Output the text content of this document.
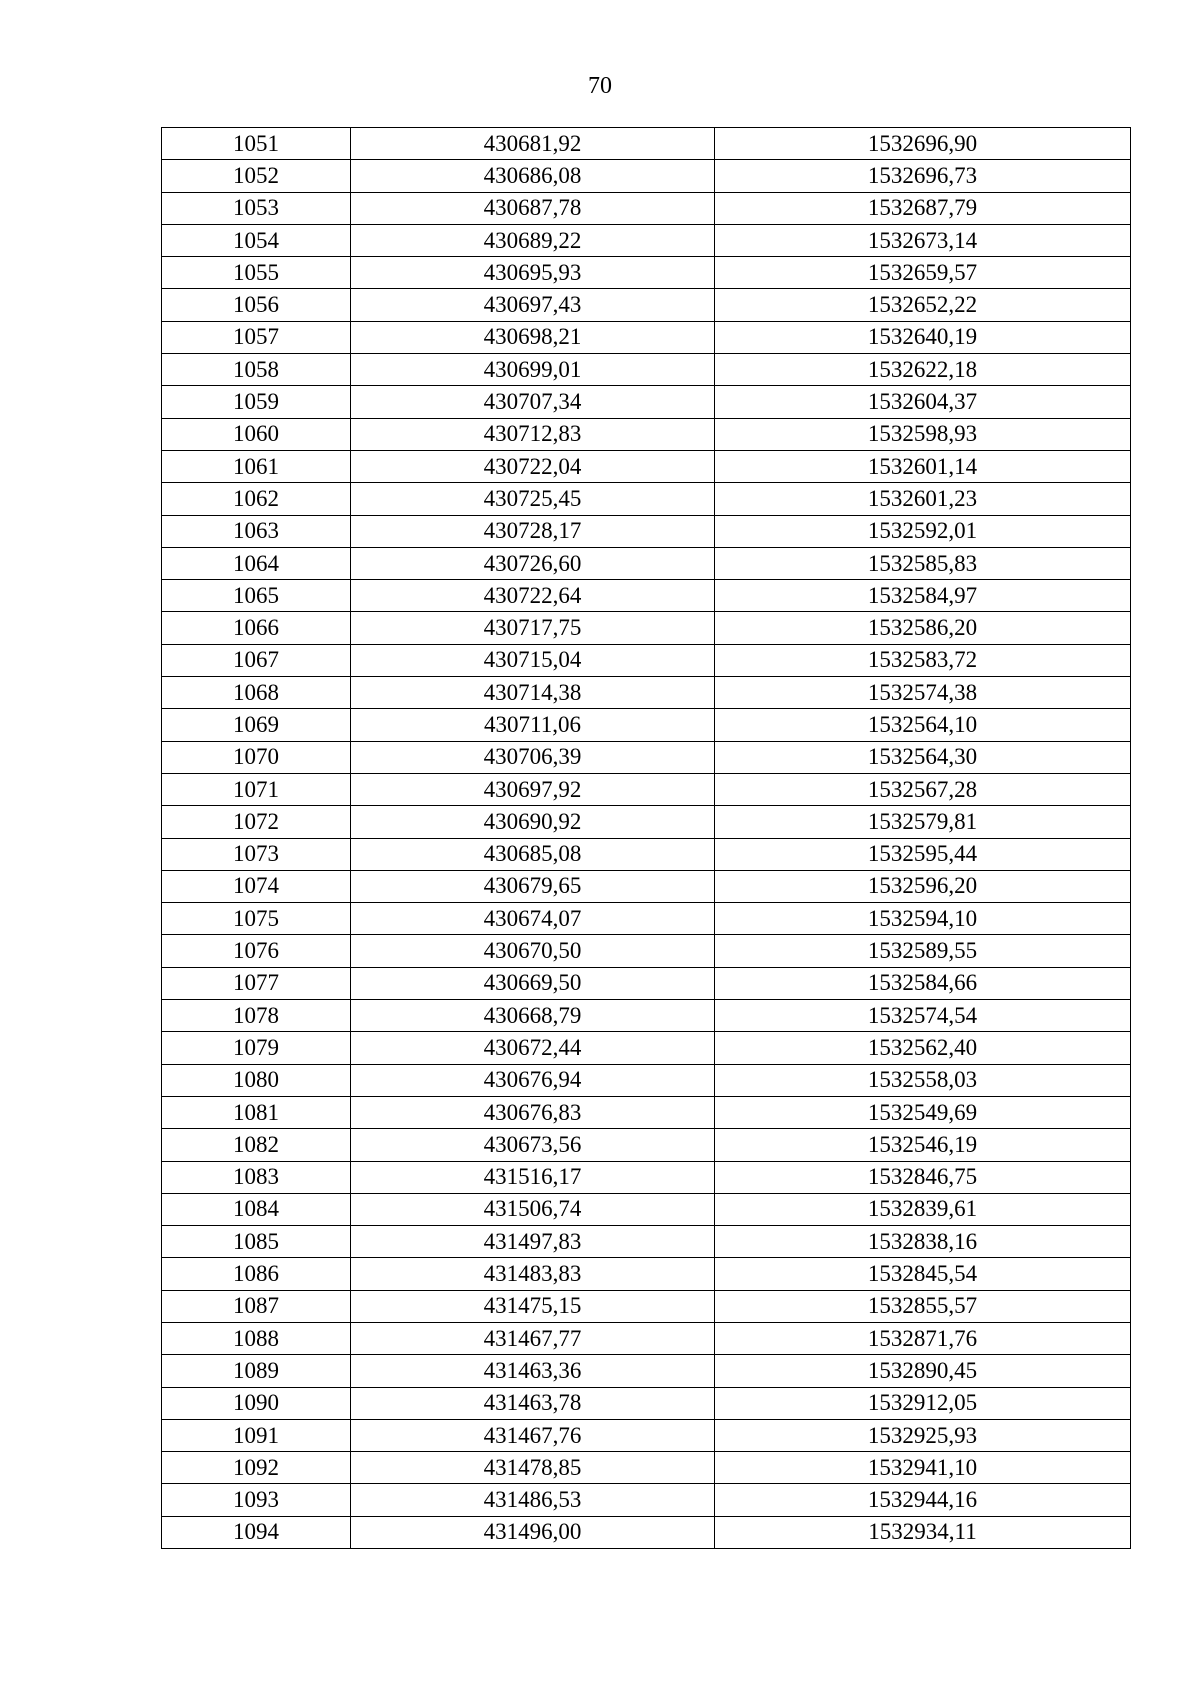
70
1051	430681,92	1532696,90
1052	430686,08	1532696,73
1053	430687,78	1532687,79
1054	430689,22	1532673,14
1055	430695,93	1532659,57
1056	430697,43	1532652,22
1057	430698,21	1532640,19
1058	430699,01	1532622,18
1059	430707,34	1532604,37
1060	430712,83	1532598,93
1061	430722,04	1532601,14
1062	430725,45	1532601,23
1063	430728,17	1532592,01
1064	430726,60	1532585,83
1065	430722,64	1532584,97
1066	430717,75	1532586,20
1067	430715,04	1532583,72
1068	430714,38	1532574,38
1069	430711,06	1532564,10
1070	430706,39	1532564,30
1071	430697,92	1532567,28
1072	430690,92	1532579,81
1073	430685,08	1532595,44
1074	430679,65	1532596,20
1075	430674,07	1532594,10
1076	430670,50	1532589,55
1077	430669,50	1532584,66
1078	430668,79	1532574,54
1079	430672,44	1532562,40
1080	430676,94	1532558,03
1081	430676,83	1532549,69
1082	430673,56	1532546,19
1083	431516,17	1532846,75
1084	431506,74	1532839,61
1085	431497,83	1532838,16
1086	431483,83	1532845,54
1087	431475,15	1532855,57
1088	431467,77	1532871,76
1089	431463,36	1532890,45
1090	431463,78	1532912,05
1091	431467,76	1532925,93
1092	431478,85	1532941,10
1093	431486,53	1532944,16
1094	431496,00	1532934,11
